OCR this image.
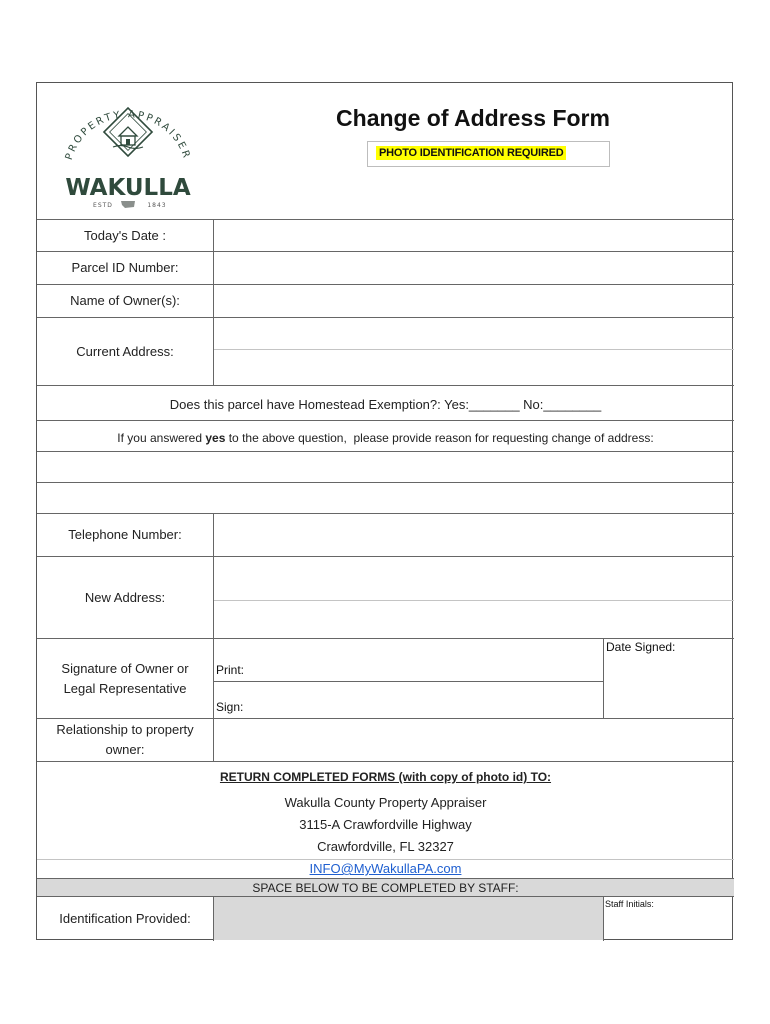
PROPERTY APPRAISER
WAKULLA
ESTD	1843
Change of Address Form
PHOTO IDENTIFICATION REQUIRED
Today's Date :
Parcel ID Number:
Name of Owner(s):
Current Address:
Does this parcel have Homestead Exemption?: Yes:_______ No:________
If you answered yes to the above question,  please provide reason for requesting change of address:
Telephone Number:
New Address:
Signature of Owner or Legal Representative
Print:
Sign:
Date Signed:
Relationship to property owner:
RETURN COMPLETED FORMS (with copy of photo id) TO:
Wakulla County Property Appraiser
3115-A Crawfordville Highway
Crawfordville, FL 32327
INFO@MyWakullaPA.com
SPACE BELOW TO BE COMPLETED BY STAFF:
Identification Provided:
Staff Initials:
